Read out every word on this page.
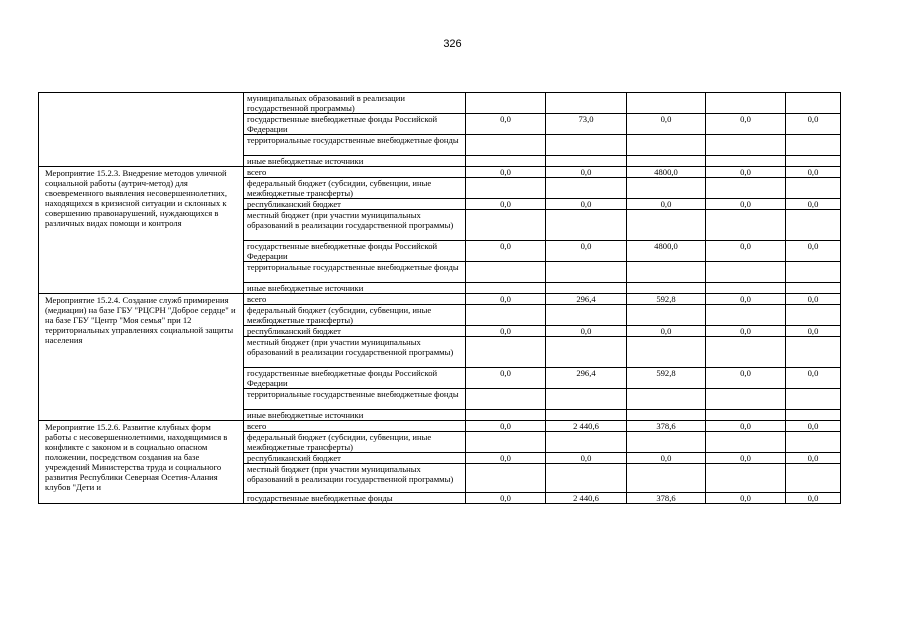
326
	муниципальных образований в реализации государственной программы)					
	государственные внебюджетные фонды Российской Федерации	0,0	73,0	0,0	0,0	0,0
	территориальные государственные внебюджетные фонды					
	иные внебюджетные источники					
Мероприятие 15.2.3. Внедрение методов уличной социальной работы (аутрич-метод) для своевременного выявления несовершеннолетних, находящихся в кризисной ситуации и склонных к совершению правонарушений, нуждающихся в различных видах помощи и контроля	всего	0,0	0,0	4800,0	0,0	0,0
	федеральный бюджет (субсидии, субвенции, иные межбюджетные трансферты)					
	республиканский бюджет	0,0	0,0	0,0	0,0	0,0
	местный бюджет (при участии муниципальных образований в реализации государственной программы)					
	государственные внебюджетные фонды Российской Федерации	0,0	0,0	4800,0	0,0	0,0
	территориальные государственные внебюджетные фонды					
	иные внебюджетные источники					
Мероприятие 15.2.4. Создание служб примирения (медиации) на базе ГБУ "РЦСРН "Доброе сердце" и на базе ГБУ "Центр "Моя семья" при 12 территориальных управлениях социальной защиты населения	всего	0,0	296,4	592,8	0,0	0,0
	федеральный бюджет (субсидии, субвенции, иные межбюджетные трансферты)					
	республиканский бюджет	0,0	0,0	0,0	0,0	0,0
	местный бюджет (при участии муниципальных образований в реализации государственной программы)					
	государственные внебюджетные фонды Российской Федерации	0,0	296,4	592,8	0,0	0,0
	территориальные государственные внебюджетные фонды					
	иные внебюджетные источники					
Мероприятие 15.2.6. Развитие клубных форм работы с несовершеннолетними, находящимися в конфликте с законом и в социально опасном положении, посредством создания на базе учреждений Министерства труда и социального развития Республики Северная Осетия-Алания клубов "Дети и	всего	0,0	2 440,6	378,6	0,0	0,0
	федеральный бюджет (субсидии, субвенции, иные межбюджетные трансферты)					
	республиканский бюджет	0,0	0,0	0,0	0,0	0,0
	местный бюджет (при участии муниципальных образований в реализации государственной программы)					
	государственные внебюджетные фонды	0,0	2 440,6	378,6	0,0	0,0
